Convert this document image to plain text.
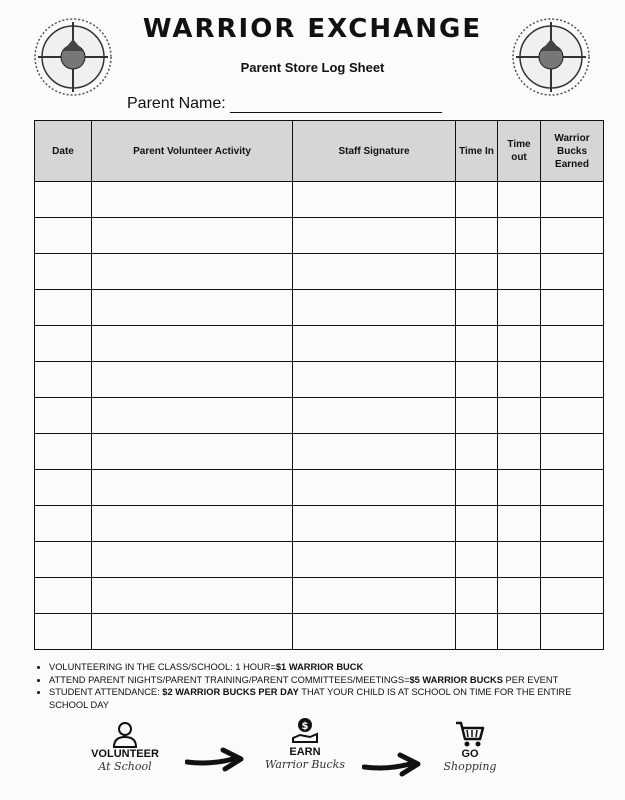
WARRIOR EXCHANGE
Parent Store Log Sheet
Parent Name:
Date	Parent Volunteer Activity	Staff Signature	Time In	Time out	Warrior Bucks Earned

• VOLUNTEERING IN THE CLASS/SCHOOL: 1 HOUR=$1 WARRIOR BUCK
• ATTEND PARENT NIGHTS/PARENT TRAINING/PARENT COMMITTEES/MEETINGS=$5 WARRIOR BUCKS PER EVENT
• STUDENT ATTENDANCE: $2 WARRIOR BUCKS PER DAY THAT YOUR CHILD IS AT SCHOOL ON TIME FOR THE ENTIRE SCHOOL DAY
VOLUNTEER
At School
$
EARN
Warrior Bucks
GO
Shopping
